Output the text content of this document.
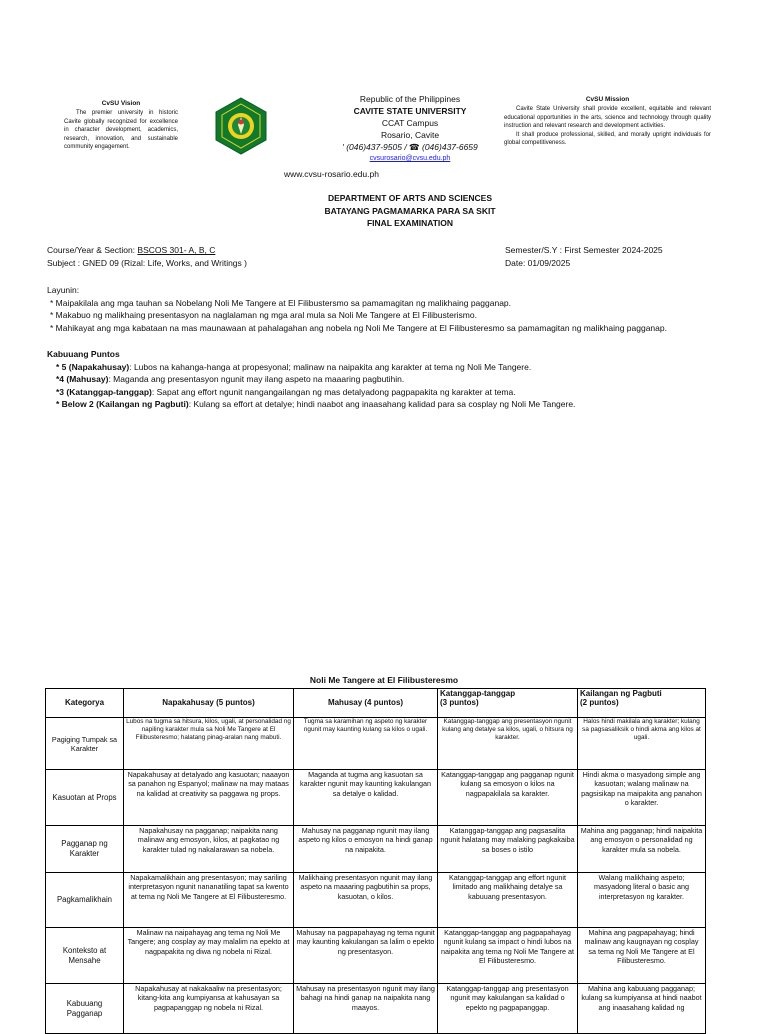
CvSU Vision
The premier university in historic Cavite globally recognized for excellence in character development, academics, research, innovation, and sustainable community engagement.
Republic of the Philippines
CAVITE STATE UNIVERSITY
CCAT Campus
Rosario, Cavite
' (046)437-9505 / ☎ (046)437-6659
cvsurosario@cvsu.edu.ph
www.cvsu-rosario.edu.ph
CvSU Mission
Cavite State University shall provide excellent, equitable and relevant educational opportunities in the arts, science and technology through quality instruction and relevant research and development activities.
It shall produce professional, skilled, and morally upright individuals for global competitiveness.
DEPARTMENT OF ARTS AND SCIENCES
BATAYANG PAGMAMARKA PARA SA SKIT
FINAL EXAMINATION
Course/Year & Section: BSCOS 301- A, B, C
Subject : GNED 09 (Rizal: Life, Works, and Writings )
Semester/S.Y : First Semester 2024-2025
Date: 01/09/2025

Layunin:

* Maipakilala ang mga tauhan sa Nobelang Noli Me Tangere at El Filibustersmo sa pamamagitan ng malikhaing pagganap.

* Makabuo ng malikhaing presentasyon na naglalaman ng mga aral mula sa Noli Me Tangere at El Filibusterismo.

* Mahikayat ang mga kabataan na mas maunawaan at pahalagahan ang nobela ng Noli Me Tangere at El Filibusteresmo sa pamamagitan ng malikhaing pagganap.

Kabuuang Puntos

* 5 (Napakahusay): Lubos na kahanga-hanga at propesyonal; malinaw na naipakita ang karakter at tema ng Noli Me Tangere.

*4 (Mahusay): Maganda ang presentasyon ngunit may ilang aspeto na maaaring pagbutihin.

*3 (Katanggap-tanggap): Sapat ang effort ngunit nangangailangan ng mas detalyadong pagpapakita ng karakter at tema.

* Below 2 (Kailangan ng Pagbuti): Kulang sa effort at detalye; hindi naabot ang inaasahang kalidad para sa cosplay ng Noli Me Tangere.

Noli Me Tangere at El Filibusteresmo
Kategorya	Napakahusay (5 puntos)	Mahusay (4 puntos)	Katanggap-tanggap
(3 puntos)	Kailangan ng Pagbuti
(2 puntos)
Pagiging Tumpak sa Karakter	Lubos na tugma sa hitsura, kilos, ugali, at personalidad ng napiling karakter mula sa Noli Me Tangere at El Filibusteresmo; halatang pinag-aralan nang mabuti.	Tugma sa karamihan ng aspeto ng karakter ngunit may kaunting kulang sa kilos o ugali.	Katanggap-tanggap ang presentasyon ngunit kulang ang detalye sa kilos, ugali, o hitsura ng karakter.	Halos hindi makilala ang karakter; kulang sa pagsasaliksik o hindi akma ang kilos at ugali.
Kasuotan at Props	Napakahusay at detalyado ang kasuotan; naaayon sa panahon ng Espanyol; malinaw na may mataas na kalidad at creativity sa paggawa ng props.	Maganda at tugma ang kasuotan sa karakter ngunit may kaunting kakulangan sa detalye o kalidad.	Katanggap-tanggap ang pagganap ngunit kulang sa emosyon o kilos na nagpapakilala sa karakter.	Hindi akma o masyadong simple ang kasuotan; walang malinaw na pagsisikap na maipakita ang panahon o karakter.
Pagganap ng Karakter	Napakahusay na pagganap; naipakita nang malinaw ang emosyon, kilos, at pagkatao ng karakter tulad ng nakalarawan sa nobela.	Mahusay na pagganap ngunit may ilang aspeto ng kilos o emosyon na hindi ganap na naipakita.	Katanggap-tanggap ang pagsasalita ngunit halatang may malaking pagkakaiba sa boses o istilo	Mahina ang pagganap; hindi naipakita ang emosyon o personalidad ng karakter mula sa nobela.
Pagkamalikhain	Napakamalikhain ang presentasyon; may sariling interpretasyon ngunit nananatiling tapat sa kwento at tema ng Noli Me Tangere at El Filibusteresmo.	Malikhaing presentasyon ngunit may ilang aspeto na maaaring pagbutihin sa props, kasuotan, o kilos.	Katanggap-tanggap ang effort ngunit limitado ang malikhaing detalye sa kabuuang presentasyon.	Walang malikhaing aspeto; masyadong literal o basic ang interpretasyon ng karakter.
Konteksto at Mensahe	Malinaw na naipahayag ang tema ng Noli Me Tangere; ang cosplay ay may malalim na epekto at nagpapakita ng diwa ng nobela ni Rizal.	Mahusay na pagpapahayag ng tema ngunit may kaunting kakulangan sa lalim o epekto ng presentasyon.	Katanggap-tanggap ang pagpapahayag ngunit kulang sa impact o hindi lubos na naipakita ang tema ng Noli Me Tangere at El Filibusteresmo.	Mahina ang pagpapahayag; hindi malinaw ang kaugnayan ng cosplay sa tema ng Noli Me Tangere at El Filibusteresmo.
Kabuuang Pagganap	Napakahusay at nakakaaliw na presentasyon; kitang-kita ang kumpiyansa at kahusayan sa pagpapanggap ng nobela ni Rizal.	Mahusay na presentasyon ngunit may ilang bahagi na hindi ganap na naipakita nang maayos.	Katanggap-tanggap ang presentasyon ngunit may kakulangan sa kalidad o epekto ng pagpapanggap.	Mahina ang kabuuang pagganap; kulang sa kumpiyansa at hindi naabot ang inaasahang kalidad ng
